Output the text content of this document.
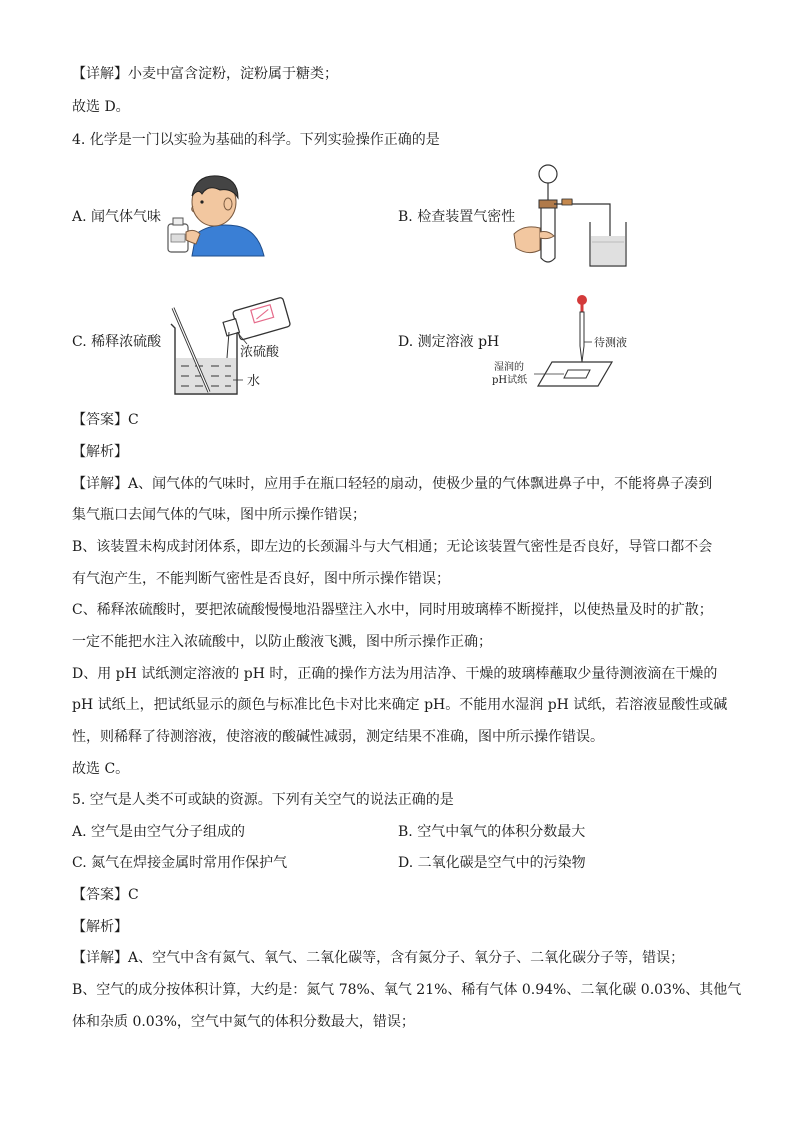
【详解】小麦中富含淀粉，淀粉属于糖类；
故选 D。
4. 化学是一门以实验为基础的科学。下列实验操作正确的是
A. 闻气体气味	B. 检查装置气密性
C. 稀释浓硫酸
浓硫酸
水
D. 测定溶液 pH	待测液
湿润的
pH试纸
【答案】C
【解析】
【详解】A、闻气体的气味时，应用手在瓶口轻轻的扇动，使极少量的气体飘进鼻子中，不能将鼻子凑到
集气瓶口去闻气体的气味，图中所示操作错误；
B、该装置未构成封闭体系，即左边的长颈漏斗与大气相通；无论该装置气密性是否良好，导管口都不会
有气泡产生，不能判断气密性是否良好，图中所示操作错误；
C、稀释浓硫酸时，要把浓硫酸慢慢地沿器壁注入水中，同时用玻璃棒不断搅拌，以使热量及时的扩散；
一定不能把水注入浓硫酸中，以防止酸液飞溅，图中所示操作正确；
D、用 pH 试纸测定溶液的 pH 时，正确的操作方法为用洁净、干燥的玻璃棒蘸取少量待测液滴在干燥的
pH 试纸上，把试纸显示的颜色与标准比色卡对比来确定 pH。不能用水湿润 pH 试纸，若溶液显酸性或碱
性，则稀释了待测溶液，使溶液的酸碱性减弱，测定结果不准确，图中所示操作错误。
故选 C。
5. 空气是人类不可或缺的资源。下列有关空气的说法正确的是
A. 空气是由空气分子组成的	B. 空气中氧气的体积分数最大
C. 氮气在焊接金属时常用作保护气	D. 二氧化碳是空气中的污染物
【答案】C
【解析】
【详解】A、空气中含有氮气、氧气、二氧化碳等，含有氮分子、氧分子、二氧化碳分子等，错误；
B、空气的成分按体积计算，大约是：氮气 78%、氧气 21%、稀有气体 0.94%、二氧化碳 0.03%、其他气
体和杂质 0.03%，空气中氮气的体积分数最大，错误；
